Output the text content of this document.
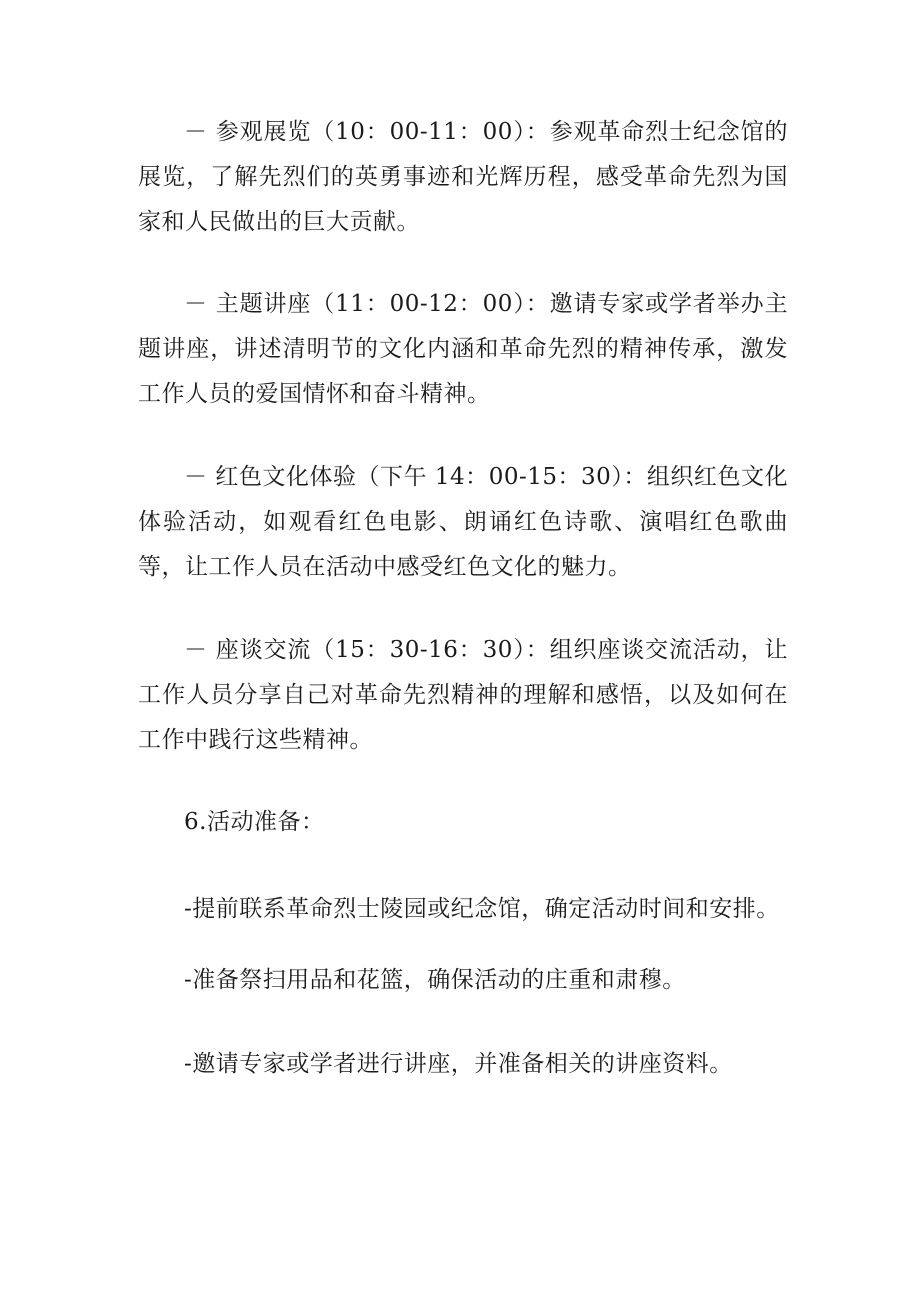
－ 参观展览（10：00-11：00）：参观革命烈士纪念馆的展览，了解先烈们的英勇事迹和光辉历程，感受革命先烈为国家和人民做出的巨大贡献。

－ 主题讲座（11：00-12：00）：邀请专家或学者举办主题讲座，讲述清明节的文化内涵和革命先烈的精神传承，激发工作人员的爱国情怀和奋斗精神。

－ 红色文化体验（下午 14：00-15：30）：组织红色文化体验活动，如观看红色电影、朗诵红色诗歌、演唱红色歌曲等，让工作人员在活动中感受红色文化的魅力。

－ 座谈交流（15：30-16：30）：组织座谈交流活动，让工作人员分享自己对革命先烈精神的理解和感悟，以及如何在工作中践行这些精神。

6.活动准备：

-提前联系革命烈士陵园或纪念馆，确定活动时间和安排。

-准备祭扫用品和花篮，确保活动的庄重和肃穆。

-邀请专家或学者进行讲座，并准备相关的讲座资料。
